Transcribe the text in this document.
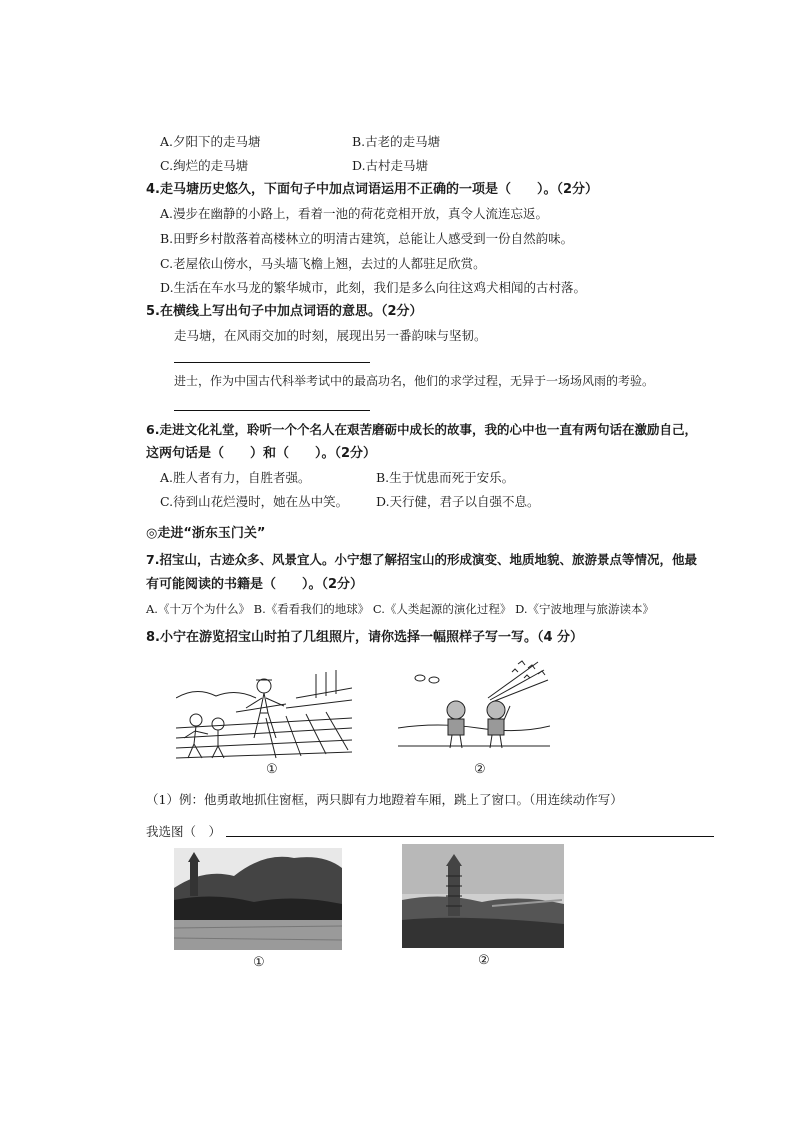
A.夕阳下的走马塘	B.古老的走马塘
C.绚烂的走马塘	D.古村走马塘
4.走马塘历史悠久，下面句子中加点词语运用不正确的一项是（　　）。（2分）
A.漫步在幽静的小路上，看着一池的荷花竞相开放，真令人流连忘返。
B.田野乡村散落着高楼林立的明清古建筑，总能让人感受到一份自然韵味。
C.老屋依山傍水，马头墙飞檐上翘，去过的人都驻足欣赏。
D.生活在车水马龙的繁华城市，此刻，我们是多么向往这鸡犬相闻的古村落。
5.在横线上写出句子中加点词语的意思。（2分）
走马塘，在风雨交加的时刻，展现出另一番韵味与坚韧。
进士，作为中国古代科举考试中的最高功名，他们的求学过程，无异于一场场风雨的考验。
6.走进文化礼堂，聆听一个个名人在艰苦磨砺中成长的故事，我的心中也一直有两句话在激励自己，
这两句话是（　　）和（　　）。（2分）
A.胜人者有力，自胜者强。	B.生于忧患而死于安乐。
C.待到山花烂漫时，她在丛中笑。 D.天行健，君子以自强不息。
◎走进“浙东玉门关”
7.招宝山，古迹众多、风景宜人。小宁想了解招宝山的形成演变、地质地貌、旅游景点等情况，他最
有可能阅读的书籍是（　　）。（2分）
A.《十万个为什么》 B.《看看我们的地球》 C.《人类起源的演化过程》 D.《宁波地理与旅游读本》
8.小宁在游览招宝山时拍了几组照片，请你选择一幅照样子写一写。（4 分）
①	②
（1）例：他勇敢地抓住窗框，两只脚有力地蹬着车厢，跳上了窗口。（用连续动作写）
我选图（　）
①	②
